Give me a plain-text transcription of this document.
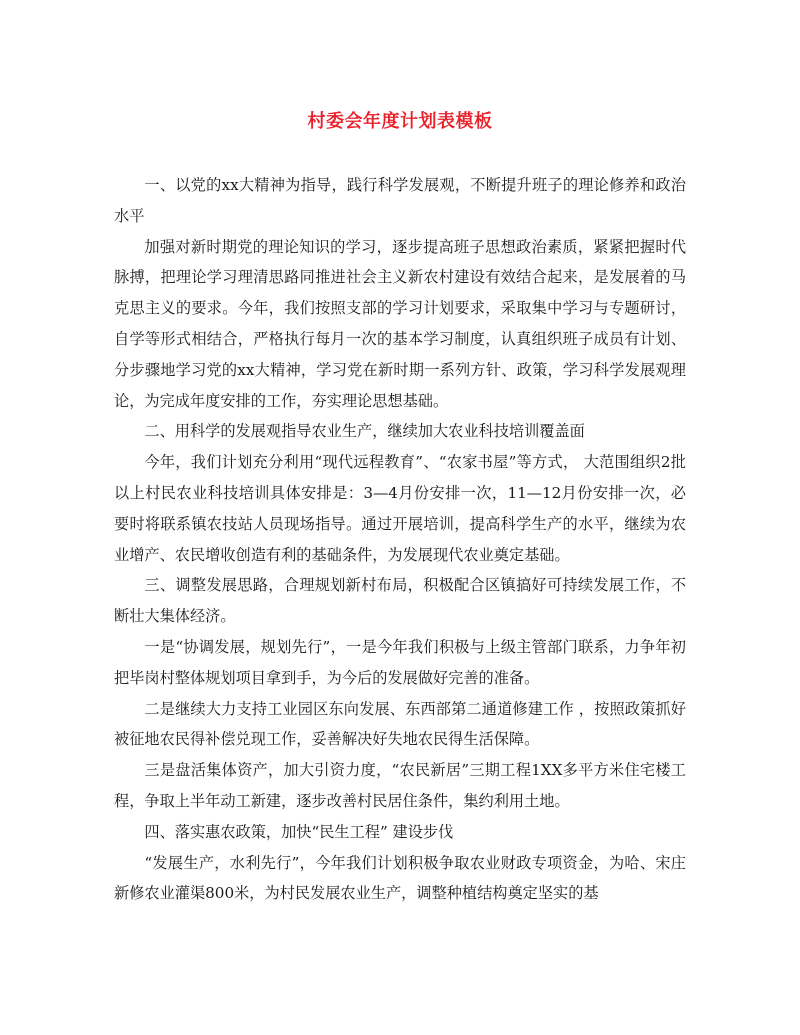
村委会年度计划表模板

一、以党的xx大精神为指导，践行科学发展观，不断提升班子的理论修养和政治水平

加强对新时期党的理论知识的学习，逐步提高班子思想政治素质，紧紧把握时代脉搏，把理论学习理清思路同推进社会主义新农村建设有效结合起来，是发展着的马克思主义的要求。今年，我们按照支部的学习计划要求，采取集中学习与专题研讨，自学等形式相结合，严格执行每月一次的基本学习制度，认真组织班子成员有计划、分步骤地学习党的xx大精神，学习党在新时期一系列方针、政策，学习科学发展观理论，为完成年度安排的工作，夯实理论思想基础。

二、用科学的发展观指导农业生产，继续加大农业科技培训覆盖面

今年，我们计划充分利用“现代远程教育”、“农家书屋”等方式， 大范围组织2批以上村民农业科技培训具体安排是：3—4月份安排一次，11—12月份安排一次，必要时将联系镇农技站人员现场指导。通过开展培训，提高科学生产的水平，继续为农业增产、农民增收创造有利的基础条件，为发展现代农业奠定基础。

三、调整发展思路，合理规划新村布局，积极配合区镇搞好可持续发展工作，不断壮大集体经济。

一是“协调发展，规划先行”，一是今年我们积极与上级主管部门联系，力争年初把毕岗村整体规划项目拿到手，为今后的发展做好完善的准备。

二是继续大力支持工业园区东向发展、东西部第二通道修建工作 ，按照政策抓好被征地农民得补偿兑现工作，妥善解决好失地农民得生活保障。

三是盘活集体资产，加大引资力度，“农民新居”三期工程1XX多平方米住宅楼工程，争取上半年动工新建，逐步改善村民居住条件，集约利用土地。

四、落实惠农政策，加快“民生工程” 建设步伐

“发展生产，水利先行”，今年我们计划积极争取农业财政专项资金，为哈、宋庄新修农业灌渠800米，为村民发展农业生产，调整种植结构奠定坚实的基
